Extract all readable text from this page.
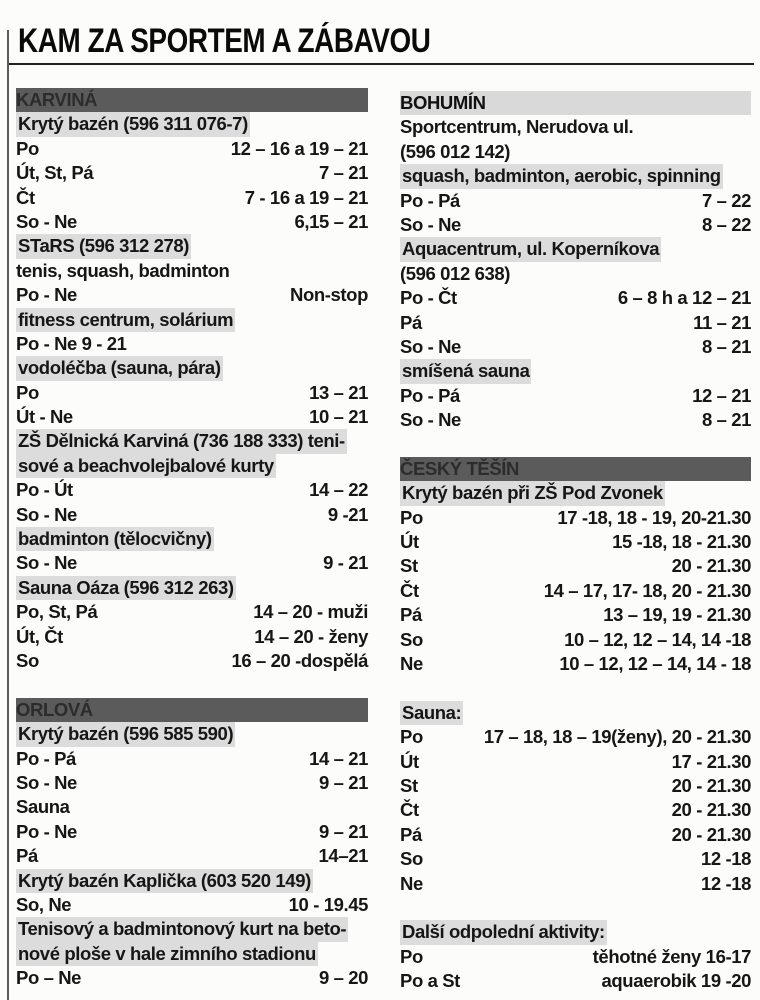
KAM ZA SPORTEM A ZÁBAVOU
KARVINÁ
Krytý bazén (596 311 076-7)
Po	12 – 16 a 19 – 21
Út, St, Pá	7 – 21
Čt	7 - 16 a 19 – 21
So - Ne	6,15 – 21
STaRS (596 312 278)
tenis, squash, badminton
Po - Ne	Non-stop
fitness centrum, solárium
Po - Ne 9 - 21
vodoléčba (sauna, pára)
Po	13 – 21
Út - Ne	10 – 21
ZŠ Dělnická Karviná (736 188 333) teni-
sové a beachvolejbalové kurty
Po - Út	14 – 22
So - Ne	9 -21
badminton (tělocvičny)
So - Ne	9 - 21
Sauna Oáza (596 312 263)
Po, St, Pá	14 – 20 - muži
Út, Čt	14 – 20 - ženy
So	16 – 20 -dospělá
ORLOVÁ
Krytý bazén (596 585 590)
Po - Pá	14 – 21
So - Ne	9 – 21
Sauna
Po - Ne	9 – 21
Pá	14–21
Krytý bazén Kaplička (603 520 149)
So, Ne	10 - 19.45
Tenisový a badmintonový kurt na beto-
nové ploše v hale zimního stadionu
Po – Ne	9 – 20
BOHUMÍN
Sportcentrum, Nerudova ul.
(596 012 142)
squash, badminton, aerobic, spinning
Po - Pá	7 – 22
So - Ne	8 – 22
Aquacentrum, ul. Koperníkova
(596 012 638)
Po - Čt	6 – 8 h a 12 – 21
Pá	11 – 21
So - Ne	8 – 21
smíšená sauna
Po - Pá	12 – 21
So - Ne	8 – 21
ČESKÝ TĚŠÍN
Krytý bazén při ZŠ Pod Zvonek
Po	17 -18, 18 - 19, 20-21.30
Út	15 -18, 18 - 21.30
St	20 - 21.30
Čt	14 – 17, 17- 18, 20 - 21.30
Pá	13 – 19, 19 - 21.30
So	10 – 12, 12 – 14, 14 -18
Ne	10 – 12, 12 – 14, 14 - 18
Sauna:
Po	17 – 18, 18 – 19(ženy), 20 - 21.30
Út	17 - 21.30
St	20 - 21.30
Čt	20 - 21.30
Pá	20 - 21.30
So	12 -18
Ne	12 -18
Další odpolední aktivity:
Po	těhotné ženy 16-17
Po a St	aquaerobik 19 -20
